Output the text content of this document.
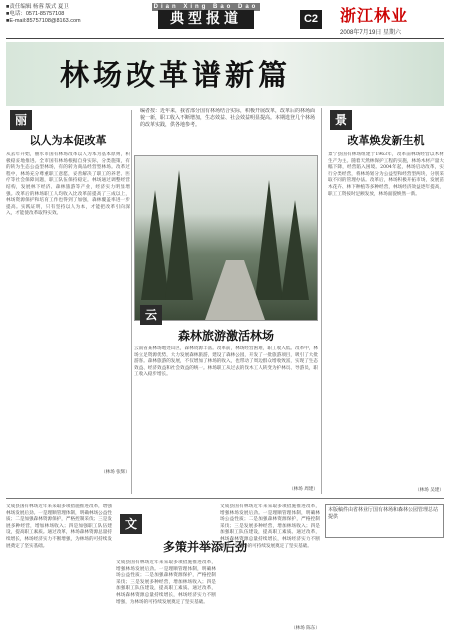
■责任编辑 杨蓉 版式 夏卫
■电话：0571-85757108
■E-mail:85757108@8163.com
Dian Xing Bao Dao
典型报道	C2 浙江林业
2008年7月19日 星期六
林场改革谱新篇
编者按：近年来，我省部分国有林场结合实际，积极开展改革，改革后的林场面貌一新，职工收入不断增加，生态效益、社会效益明显提高。本期选登几个林场的改革实践，供各地参考。
丽水 以人为本促改革
从去年开始，丽水市国有林场改革以人为本为基本原则，积极稳妥地推进。全市国有林场根据自身实际，分类施策，有的转为生态公益型林场，有的转为商品经营型林场。改革过程中，林场充分尊重职工意愿，妥善解决了职工的养老、医疗等社会保障问题，职工队伍保持稳定。林场通过调整经营结构，发展林下经济、森林旅游等产业，经济实力明显增强。改革后的林场职工人均收入比改革前提高了三成以上，林场资源保护和培育工作也得到了加强，森林覆盖率进一步提高。实践证明，只有坚持以人为本，才能把改革引向深入，才能使改革取得实效。
（林场 张辉）
云南	森林旅游激活林场
云南省某林场地处山区，森林资源丰富。改革前，林场经营困难，职工收入低。改革中，林场立足资源优势，大力发展森林旅游，建设了森林公园，开发了一批旅游项目，吸引了大批游客。森林旅游的发展，不仅增加了林场的收入，也带动了周边群众增收致富，实现了生态效益、经济效益和社会效益的统一。林场职工从过去的伐木工人转变为护林员、导游员，职工收入稳步增长。
（林场 周建）
景宁 改革焕发新生机
景宁县国有林场组建于1963年，改革前林场经营以木材生产为主。随着天然林保护工程的实施，林场木材产量大幅下降，经营陷入困境。2004年起，林场启动改革，实行分类经营，将林场划分为公益型和经营型两块，分别采取不同的管理办法。改革后，林场积极开拓市场，发展苗木花卉、林下种植等多种经营，林场经济效益逐年提高，职工工资按时足额发放，林场面貌焕然一新。
（林场 吴建）
文成县国有林场近年来采取多项措施推进改革，增强林场发展后劲。一是理顺管理体制，明确林场公益性质；二是加强森林资源保护，严格控制采伐；三是发展多种经营，增加林场收入；四是加强职工队伍建设，提高职工素质。通过改革，林场森林资源总量持续增长，林场经济实力不断增强，为林场的可持续发展奠定了坚实基础。
文成	多策并举添后劲
文成县国有林场近年来采取多项措施推进改革，增强林场发展后劲。一是理顺管理体制，明确林场公益性质；二是加强森林资源保护，严格控制采伐；三是发展多种经营，增加林场收入；四是加强职工队伍建设，提高职工素质。通过改革，林场森林资源总量持续增长，林场经济实力不断增强，为林场的可持续发展奠定了坚实基础。
文成县国有林场近年来采取多项措施推进改革，增强林场发展后劲。一是理顺管理体制，明确林场公益性质；二是加强森林资源保护，严格控制采伐；三是发展多种经营，增加林场收入；四是加强职工队伍建设，提高职工素质。通过改革，林场森林资源总量持续增长，林场经济实力不断增强，为林场的可持续发展奠定了坚实基础。
（林场 陈东）
本版稿件由省林业厅国有林场和森林公园管理总站提供
